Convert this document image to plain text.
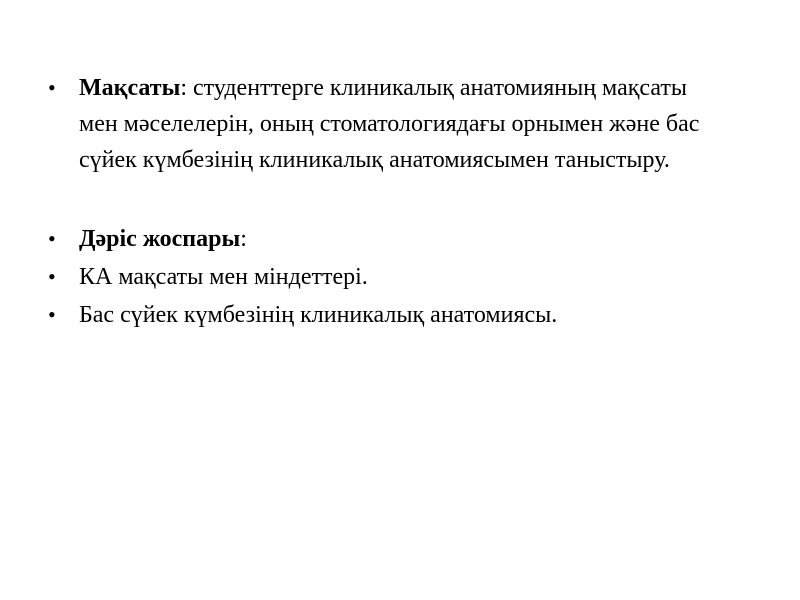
• Мақсаты: студенттерге клиникалық анатомияның мақсаты мен мәселелерін, оның стоматологиядағы орнымен және бас сүйек күмбезінің клиникалық анатомиясымен таныстыру.
• Дәріс жоспары:
• КА мақсаты мен міндеттері.
• Бас сүйек күмбезінің клиникалық анатомиясы.
